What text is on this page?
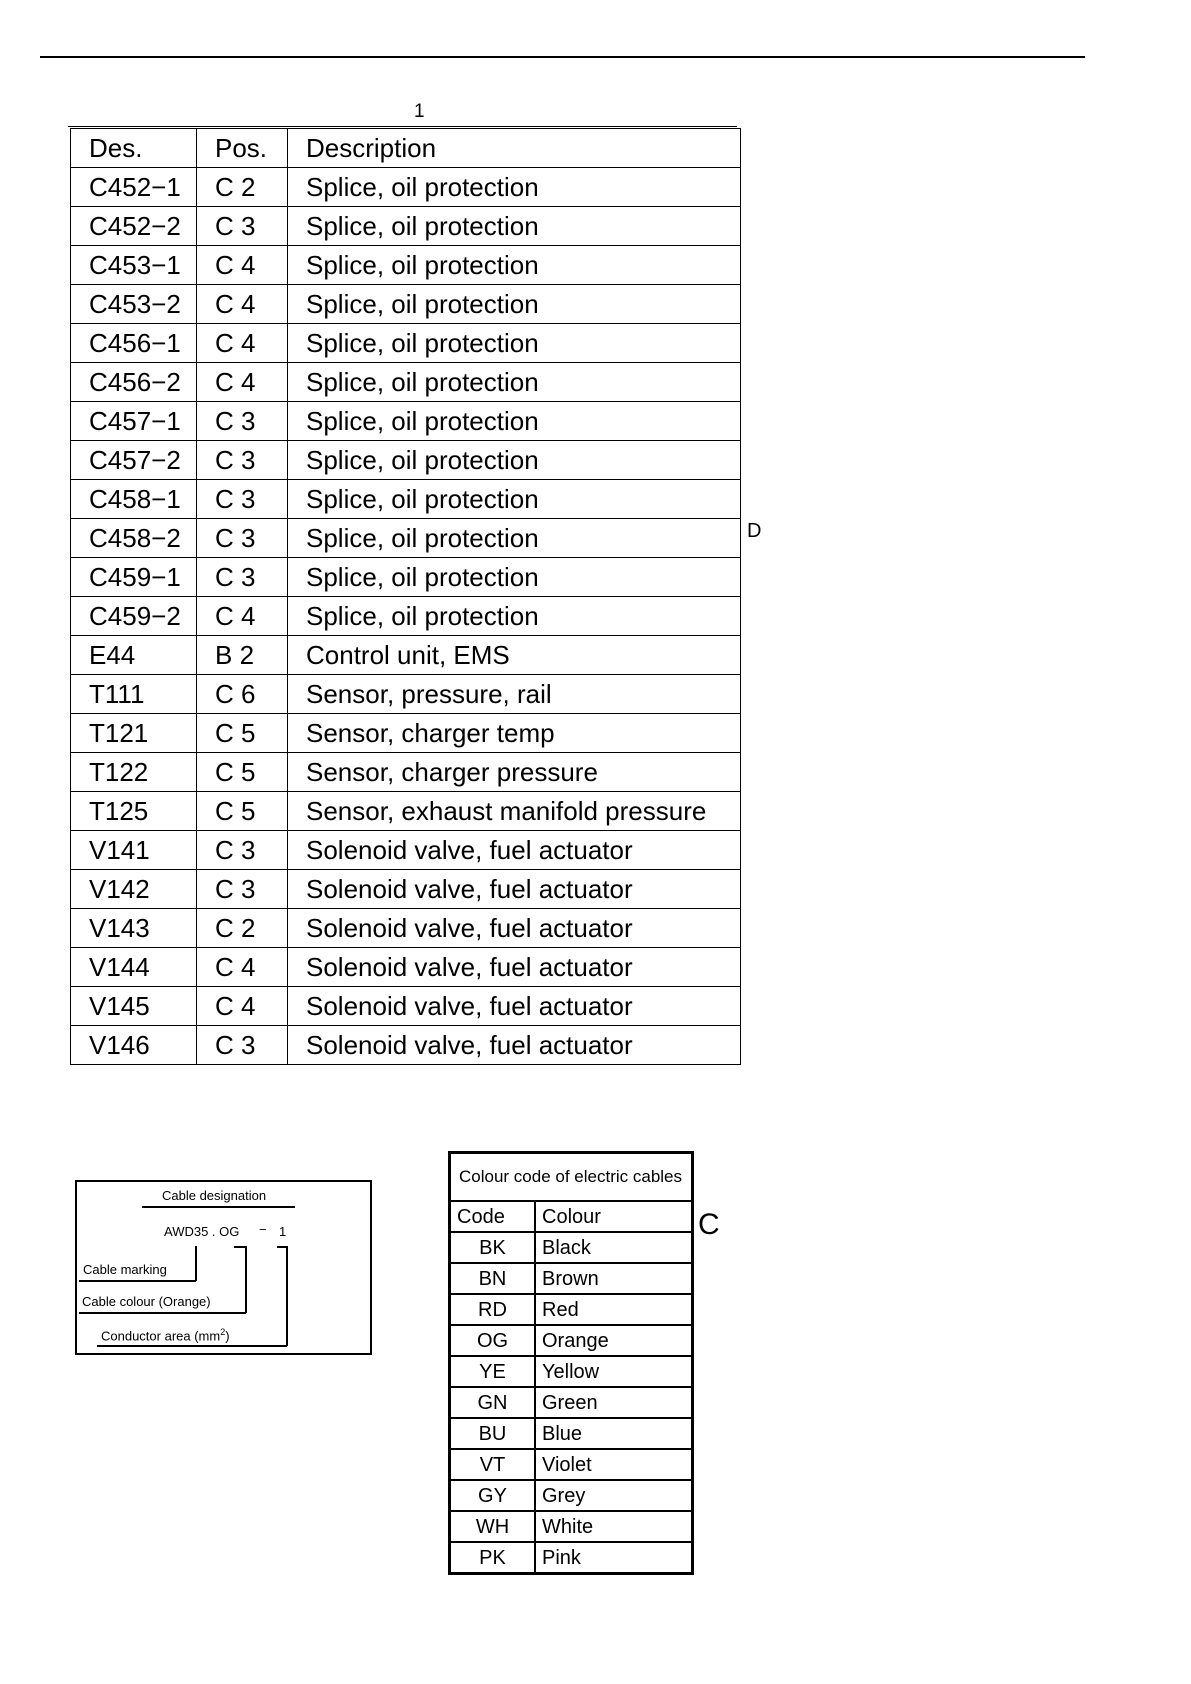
1
D
C
Des.	Pos.	Description
C452−1	C 2	Splice, oil protection
C452−2	C 3	Splice, oil protection
C453−1	C 4	Splice, oil protection
C453−2	C 4	Splice, oil protection
C456−1	C 4	Splice, oil protection
C456−2	C 4	Splice, oil protection
C457−1	C 3	Splice, oil protection
C457−2	C 3	Splice, oil protection
C458−1	C 3	Splice, oil protection
C458−2	C 3	Splice, oil protection
C459−1	C 3	Splice, oil protection
C459−2	C 4	Splice, oil protection
E44	B 2	Control unit, EMS
T111	C 6	Sensor, pressure, rail
T121	C 5	Sensor, charger temp
T122	C 5	Sensor, charger pressure
T125	C 5	Sensor, exhaust manifold pressure
V141	C 3	Solenoid valve, fuel actuator
V142	C 3	Solenoid valve, fuel actuator
V143	C 2	Solenoid valve, fuel actuator
V144	C 4	Solenoid valve, fuel actuator
V145	C 4	Solenoid valve, fuel actuator
V146	C 3	Solenoid valve, fuel actuator
Cable designation
AWD35 . OG − 1
Cable marking
Cable colour (Orange)
Conductor area $(mm^2)$
Colour code of electric cables	
Code	Colour
BK	Black
BN	Brown
RD	Red
OG	Orange
YE	Yellow
GN	Green
BU	Blue
VT	Violet
GY	Grey
WH	White
PK	Pink
